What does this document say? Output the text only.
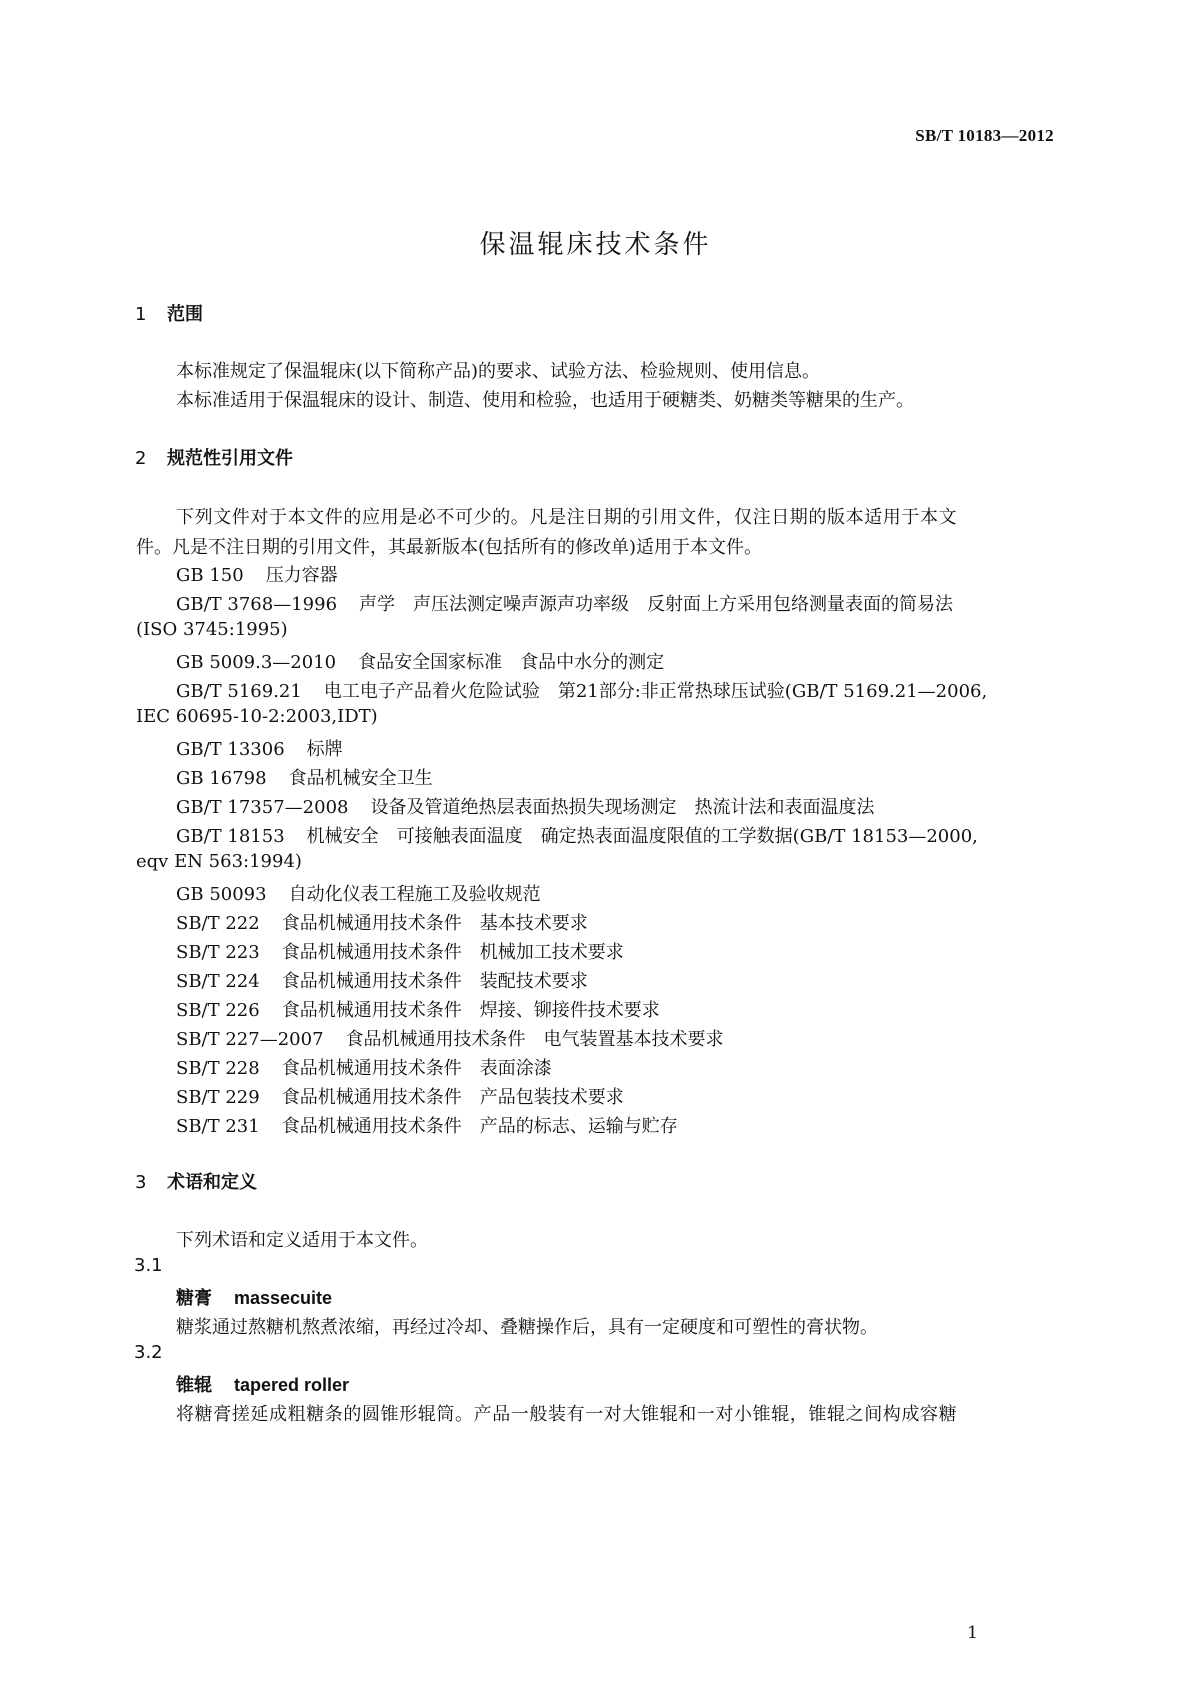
SB/T 10183—2012
保温辊床技术条件
1 范围
本标准规定了保温辊床(以下简称产品)的要求、试验方法、检验规则、使用信息。
本标准适用于保温辊床的设计、制造、使用和检验，也适用于硬糖类、奶糖类等糖果的生产。
2 规范性引用文件
下列文件对于本文件的应用是必不可少的。凡是注日期的引用文件，仅注日期的版本适用于本文
件。凡是不注日期的引用文件，其最新版本(包括所有的修改单)适用于本文件。
GB 150 压力容器
GB/T 3768—1996 声学　声压法测定噪声源声功率级　反射面上方采用包络测量表面的简易法
(ISO 3745:1995)
GB 5009.3—2010 食品安全国家标准　食品中水分的测定
GB/T 5169.21 电工电子产品着火危险试验　第21部分:非正常热球压试验(GB/T 5169.21—2006,
IEC 60695-10-2:2003,IDT)
GB/T 13306 标牌
GB 16798 食品机械安全卫生
GB/T 17357—2008 设备及管道绝热层表面热损失现场测定　热流计法和表面温度法
GB/T 18153 机械安全　可接触表面温度　确定热表面温度限值的工学数据(GB/T 18153—2000,
eqv EN 563:1994)
GB 50093 自动化仪表工程施工及验收规范
SB/T 222 食品机械通用技术条件　基本技术要求
SB/T 223 食品机械通用技术条件　机械加工技术要求
SB/T 224 食品机械通用技术条件　装配技术要求
SB/T 226 食品机械通用技术条件　焊接、铆接件技术要求
SB/T 227—2007 食品机械通用技术条件　电气装置基本技术要求
SB/T 228 食品机械通用技术条件　表面涂漆
SB/T 229 食品机械通用技术条件　产品包装技术要求
SB/T 231 食品机械通用技术条件　产品的标志、运输与贮存
3 术语和定义
下列术语和定义适用于本文件。
3.1
糖膏 massecuite
糖浆通过熬糖机熬煮浓缩，再经过冷却、叠糖操作后，具有一定硬度和可塑性的膏状物。
3.2
锥辊 tapered roller
将糖膏搓延成粗糖条的圆锥形辊筒。产品一般装有一对大锥辊和一对小锥辊，锥辊之间构成容糖
1
